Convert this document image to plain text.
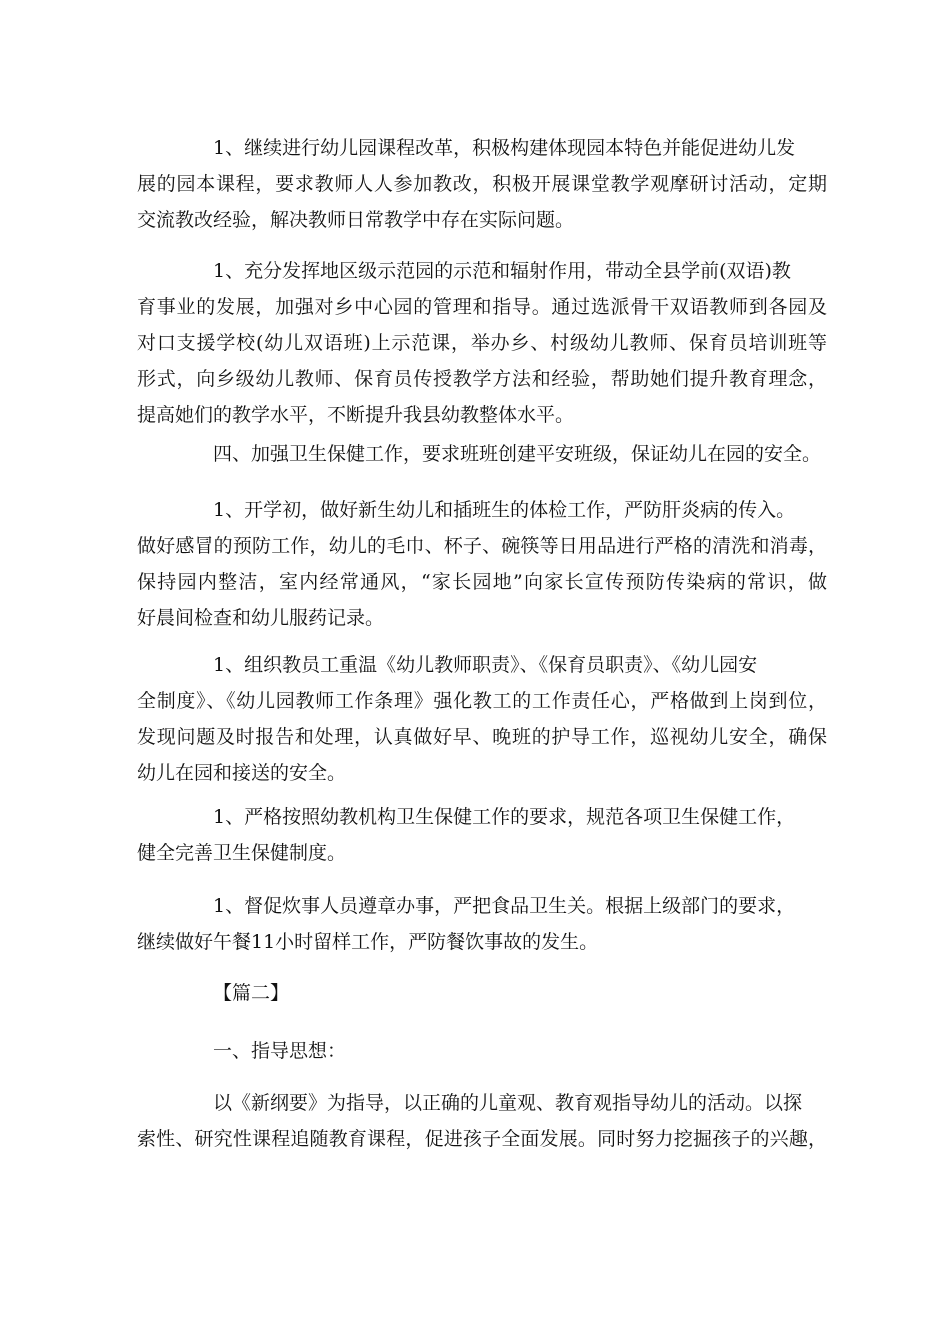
1、继续进行幼儿园课程改革，积极构建体现园本特色并能促进幼儿发
展的园本课程，要求教师人人参加教改，积极开展课堂教学观摩研讨活动，定期
交流教改经验，解决教师日常教学中存在实际问题。
1、充分发挥地区级示范园的示范和辐射作用，带动全县学前(双语)教
育事业的发展，加强对乡中心园的管理和指导。通过选派骨干双语教师到各园及
对口支援学校(幼儿双语班)上示范课，举办乡、村级幼儿教师、保育员培训班等
形式，向乡级幼儿教师、保育员传授教学方法和经验，帮助她们提升教育理念，
提高她们的教学水平，不断提升我县幼教整体水平。
四、加强卫生保健工作，要求班班创建平安班级，保证幼儿在园的安全。
1、开学初，做好新生幼儿和插班生的体检工作，严防肝炎病的传入。
做好感冒的预防工作，幼儿的毛巾、杯子、碗筷等日用品进行严格的清洗和消毒，
保持园内整洁，室内经常通风，“家长园地”向家长宣传预防传染病的常识，做
好晨间检查和幼儿服药记录。
1、组织教员工重温《幼儿教师职责》、《保育员职责》、《幼儿园安
全制度》、《幼儿园教师工作条理》强化教工的工作责任心，严格做到上岗到位，
发现问题及时报告和处理，认真做好早、晚班的护导工作，巡视幼儿安全，确保
幼儿在园和接送的安全。
1、严格按照幼教机构卫生保健工作的要求，规范各项卫生保健工作，
健全完善卫生保健制度。
1、督促炊事人员遵章办事，严把食品卫生关。根据上级部门的要求，
继续做好午餐11小时留样工作，严防餐饮事故的发生。
【篇二】
一、指导思想：
以《新纲要》为指导，以正确的儿童观、教育观指导幼儿的活动。以探
索性、研究性课程追随教育课程，促进孩子全面发展。同时努力挖掘孩子的兴趣，
